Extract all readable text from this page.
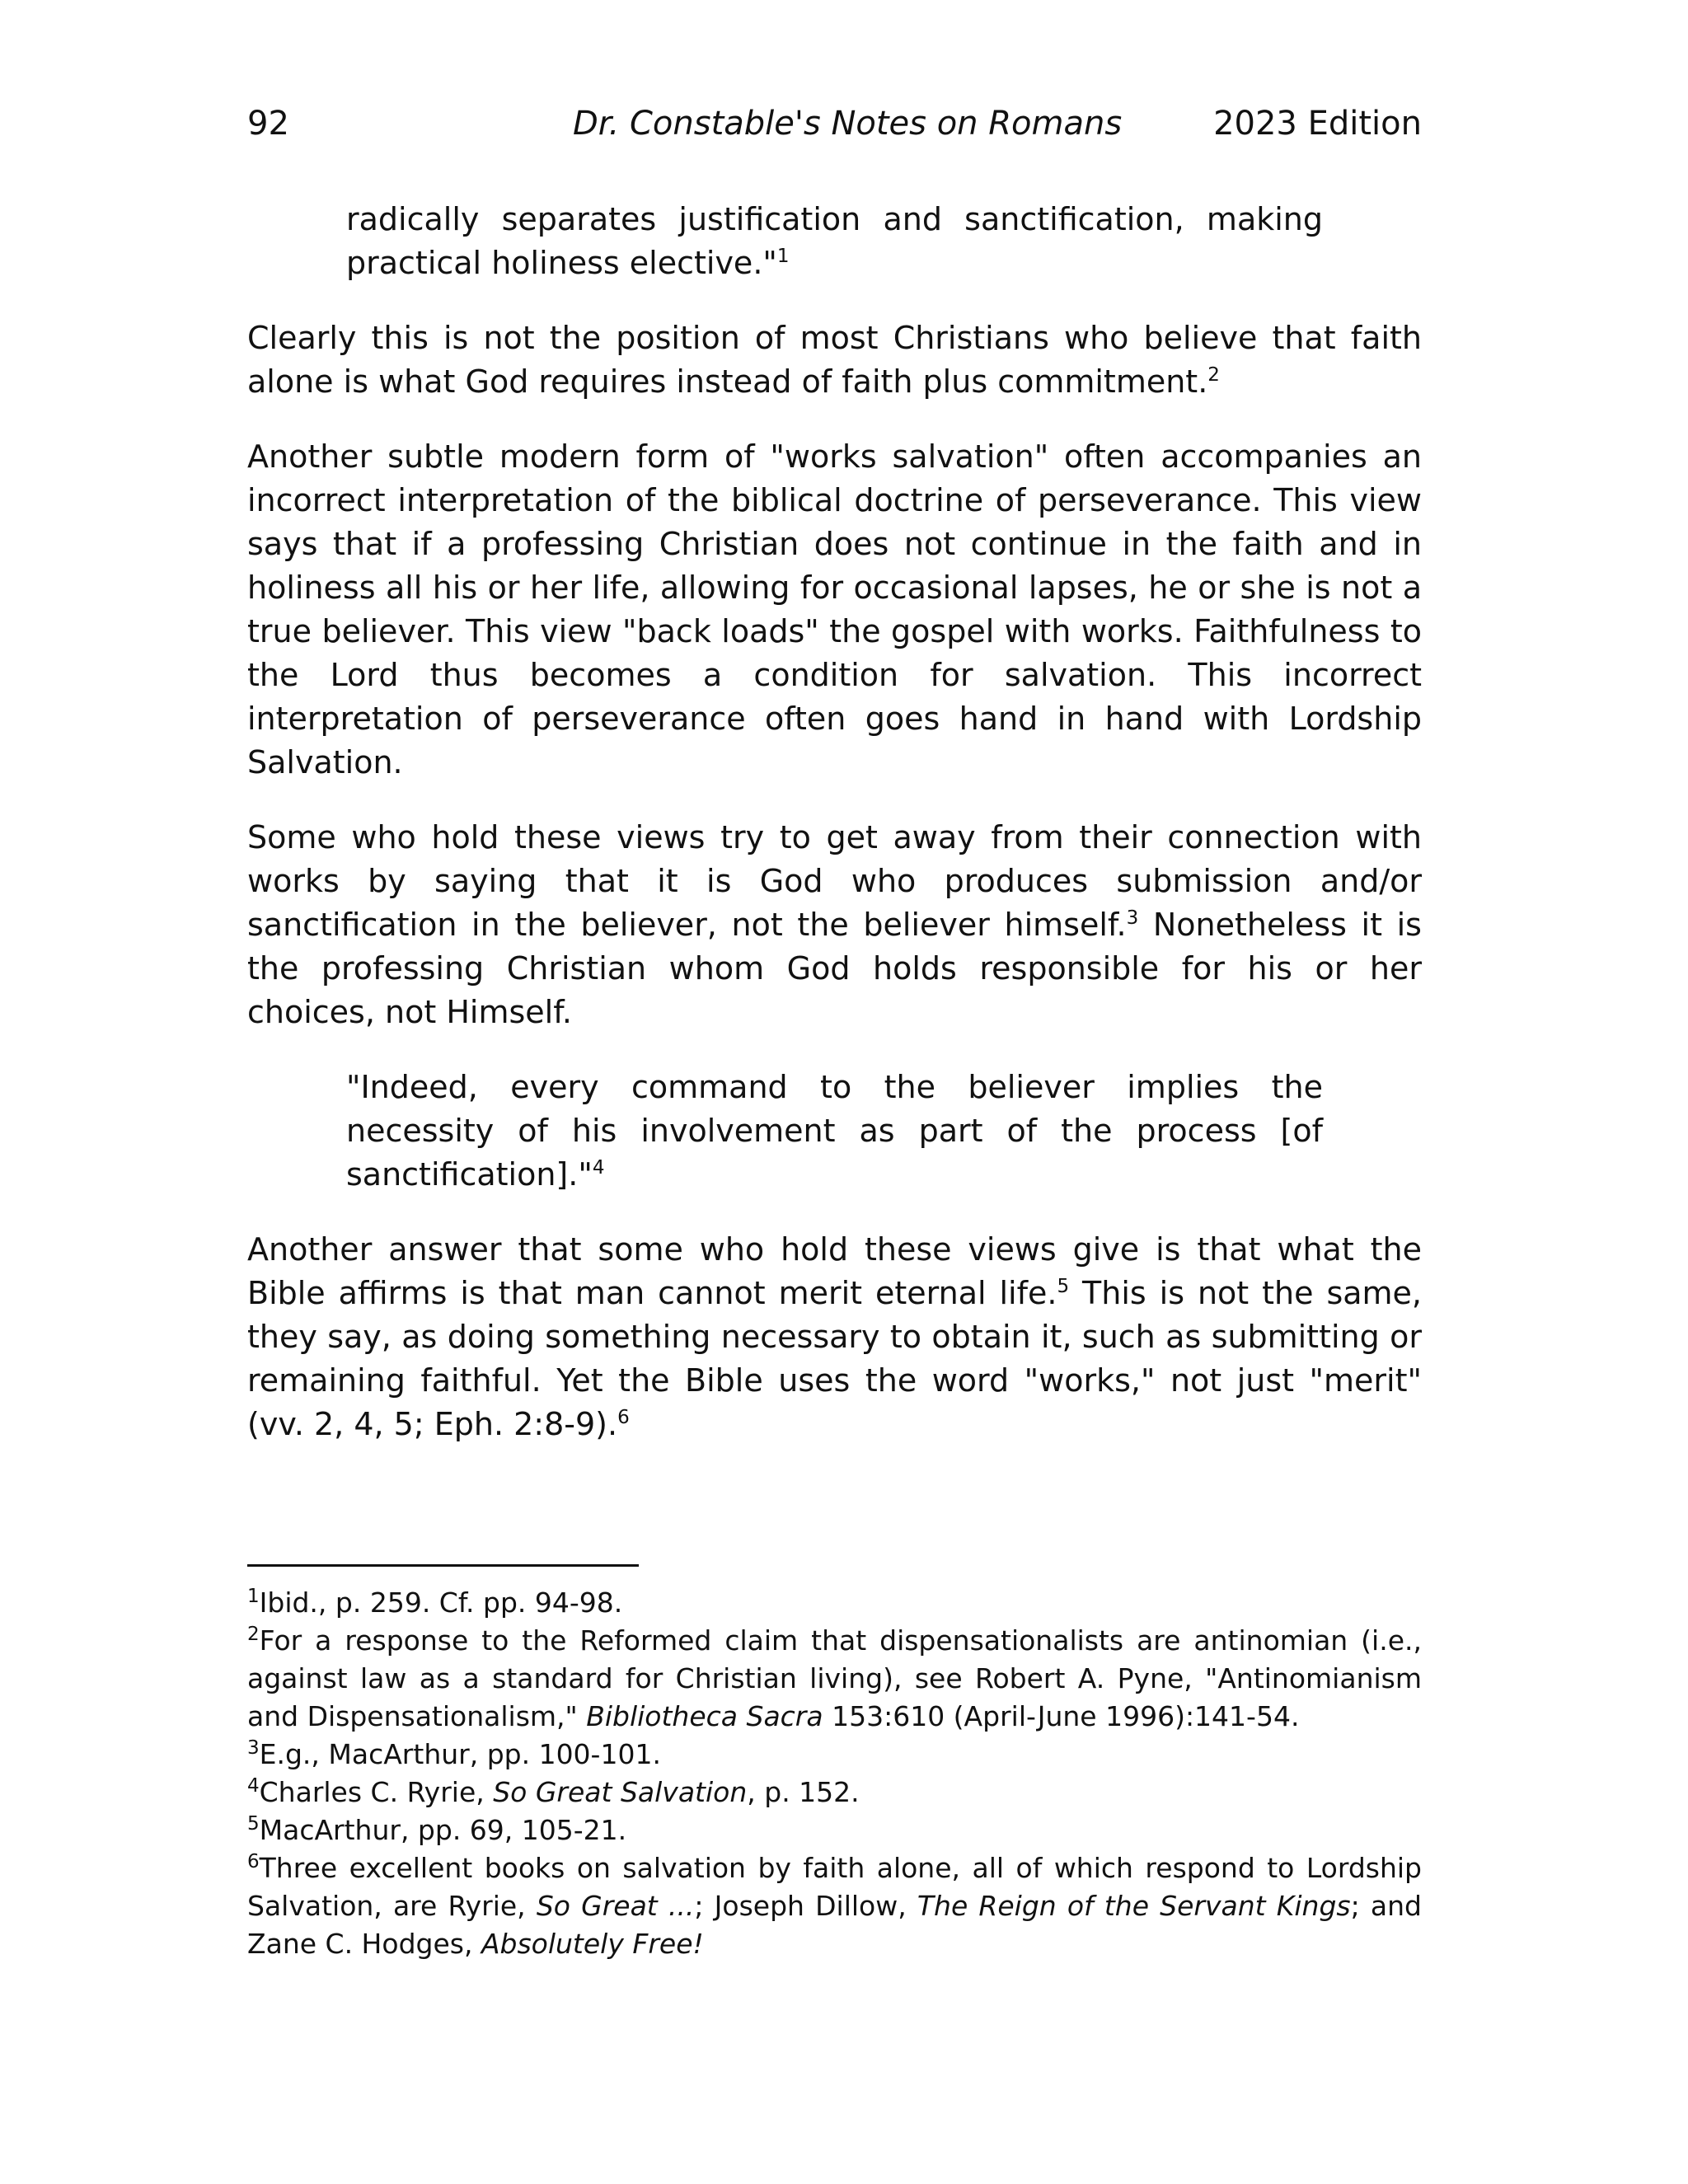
92	Dr. Constable's Notes on Romans	2023 Edition

radically separates justification and sanctification, making practical holiness elective."$^1$

Clearly this is not the position of most Christians who believe that faith alone is what God requires instead of faith plus commitment.$^2$

Another subtle modern form of "works salvation" often accompanies an incorrect interpretation of the biblical doctrine of perseverance. This view says that if a professing Christian does not continue in the faith and in holiness all his or her life, allowing for occasional lapses, he or she is not a true believer. This view "back loads" the gospel with works. Faithfulness to the Lord thus becomes a condition for salvation. This incorrect interpretation of perseverance often goes hand in hand with Lordship Salvation.

Some who hold these views try to get away from their connection with works by saying that it is God who produces submission and/or sanctification in the believer, not the believer himself.$^3$ Nonetheless it is the professing Christian whom God holds responsible for his or her choices, not Himself.

"Indeed, every command to the believer implies the necessity of his involvement as part of the process [of sanctification]."$^4$

Another answer that some who hold these views give is that what the Bible affirms is that man cannot merit eternal life.$^5$ This is not the same, they say, as doing something necessary to obtain it, such as submitting or remaining faithful. Yet the Bible uses the word "works," not just "merit" (vv. 2, 4, 5; Eph. 2:8-9).$^6$

$^1$Ibid., p. 259. Cf. pp. 94-98.

$^2$For a response to the Reformed claim that dispensationalists are antinomian (i.e., against law as a standard for Christian living), see Robert A. Pyne, "Antinomianism and Dispensationalism," Bibliotheca Sacra 153:610 (April-June 1996):141-54.

$^3$E.g., MacArthur, pp. 100-101.

$^4$Charles C. Ryrie, So Great Salvation, p. 152.

$^5$MacArthur, pp. 69, 105-21.

$^6$Three excellent books on salvation by faith alone, all of which respond to Lordship Salvation, are Ryrie, So Great ...; Joseph Dillow, The Reign of the Servant Kings; and Zane C. Hodges, Absolutely Free!
